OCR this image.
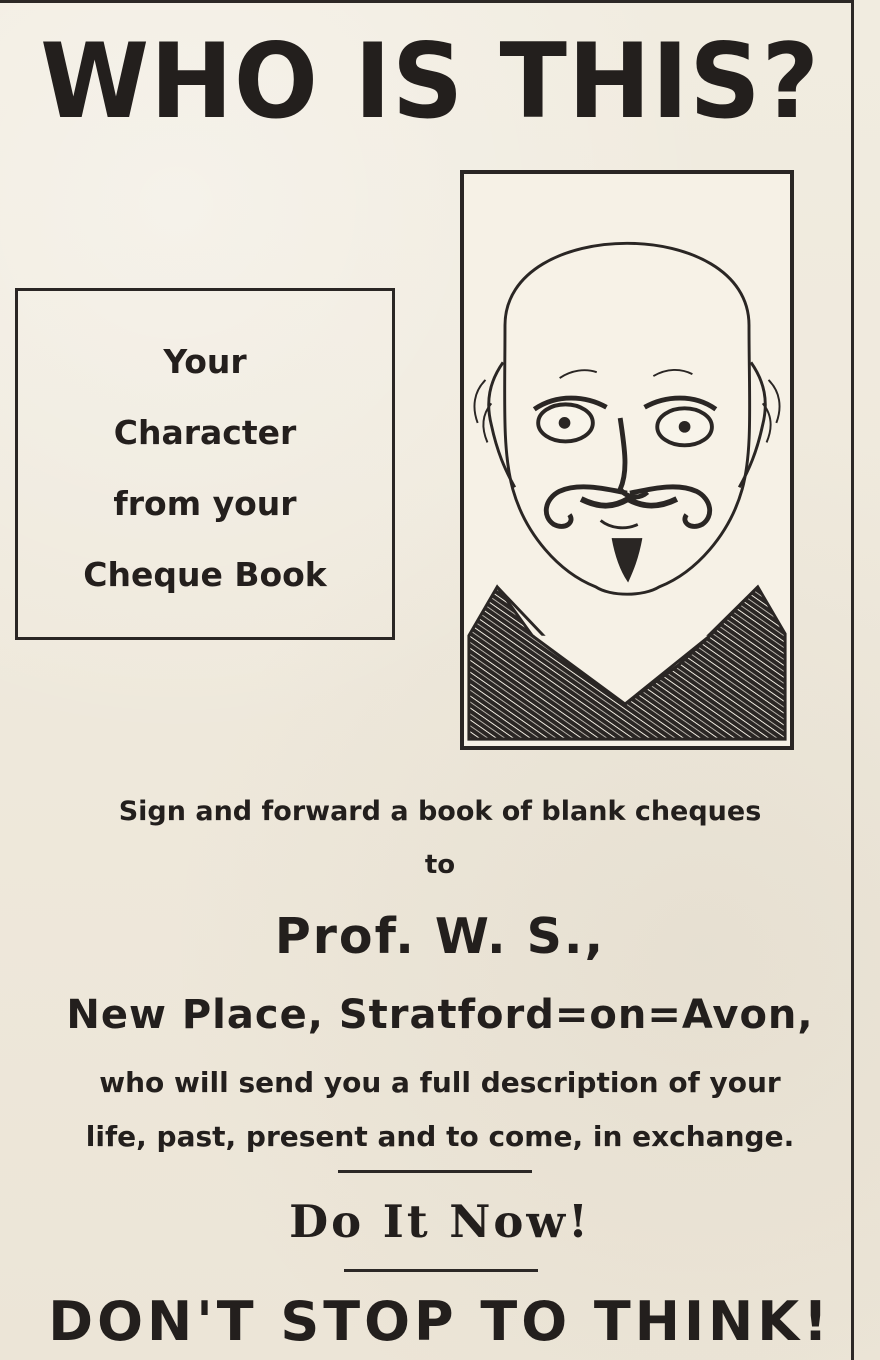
WHO IS THIS?
Your
Character
from your
Cheque Book
Sign and forward a book of blank cheques
to
Prof. W. S.,
New Place, Stratford=on=Avon,
who will send you a full description of your
life, past, present and to come, in exchange.
Do It Now!
DON'T STOP TO THINK!
